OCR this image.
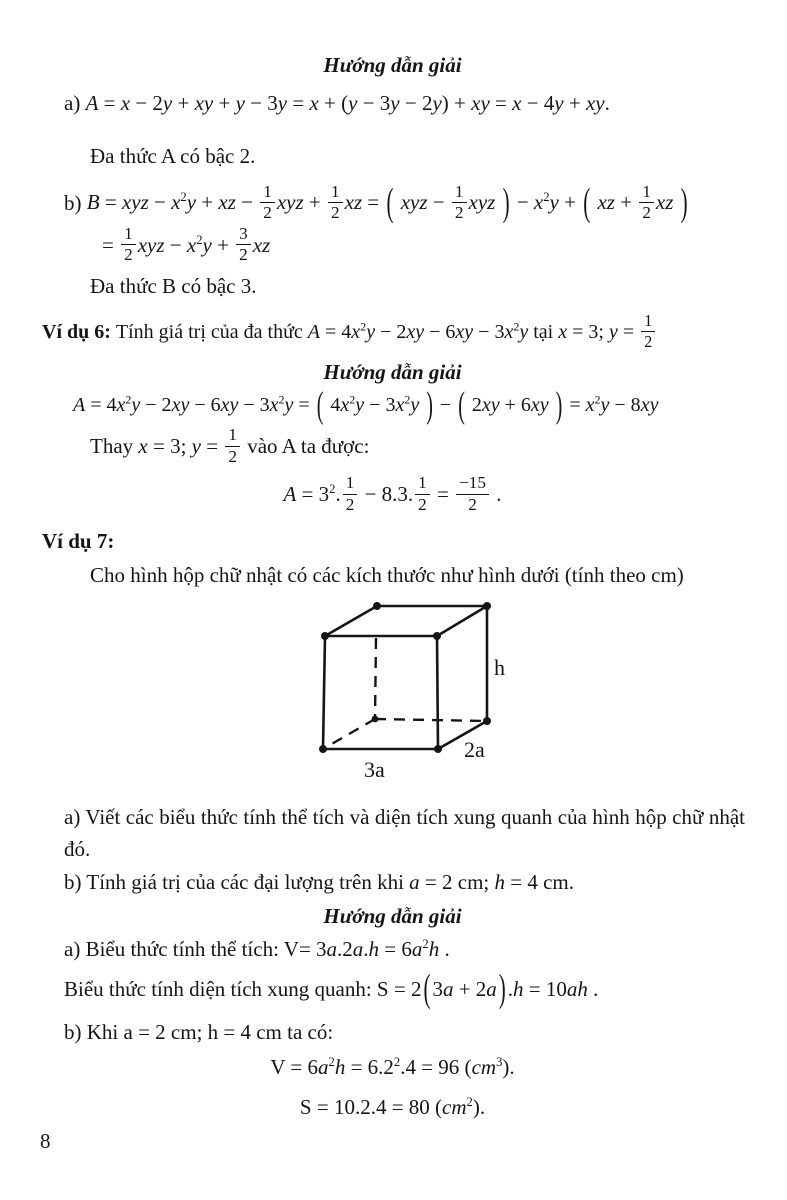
Hướng dẫn giải

a) A = x − 2y + xy + y − 3y = x + (y − 3y − 2y) + xy = x − 4y + xy.

Đa thức A có bậc 2.

b) B = xyz − $x^2y$ + xz − $\frac{1}{2}$ xyz + $\frac{1}{2}$ xz = ( xyz − $\frac{1}{2}$ xyz ) − $x^2y$ + ( xz + $\frac{1}{2}$ xz )

= $\frac{1}{2}$ xyz − $x^2y + \frac{3}{2}$ xz

Đa thức B có bậc 3.

Ví dụ 6: Tính giá trị của đa thức $A = 4x^2y - 2xy - 6xy - 3x^2y$ tại x = 3; $y = \frac{1}{2}$

Hướng dẫn giải

$A = 4x^2y - 2xy - 6xy - 3x^2y$ = ( $4x^2y - 3x^2y$ ) − ( 2xy + 6xy ) = $x^2y - 8xy$

Thay x = 3; $y = \frac{1}{2}$ vào A ta được:

$A = 3^2$. $\frac{1}{2} - 8.3$. $\frac{1}{2} = \frac{-15}{2}$ .

Ví dụ 7:

Cho hình hộp chữ nhật có các kích thước như hình dưới (tính theo cm)

h
2a
3a

a) Viết các biểu thức tính thể tích và diện tích xung quanh của hình hộp chữ nhật đó.

b) Tính giá trị của các đại lượng trên khi a = 2 cm; h = 4 cm.

Hướng dẫn giải

a) Biểu thức tính thể tích: $V= 3a.2a.h = 6a^2h$ .

Biểu thức tính diện tích xung quanh: S = 2(3a + 2a).h = 10ah .

b) Khi a = 2 cm; h = 4 cm ta có:

$V = 6a^2h = 6.2^2.4 = 96$ $(cm^3)$.

S = 10.2.4 = 80 $(cm^2)$.

8
